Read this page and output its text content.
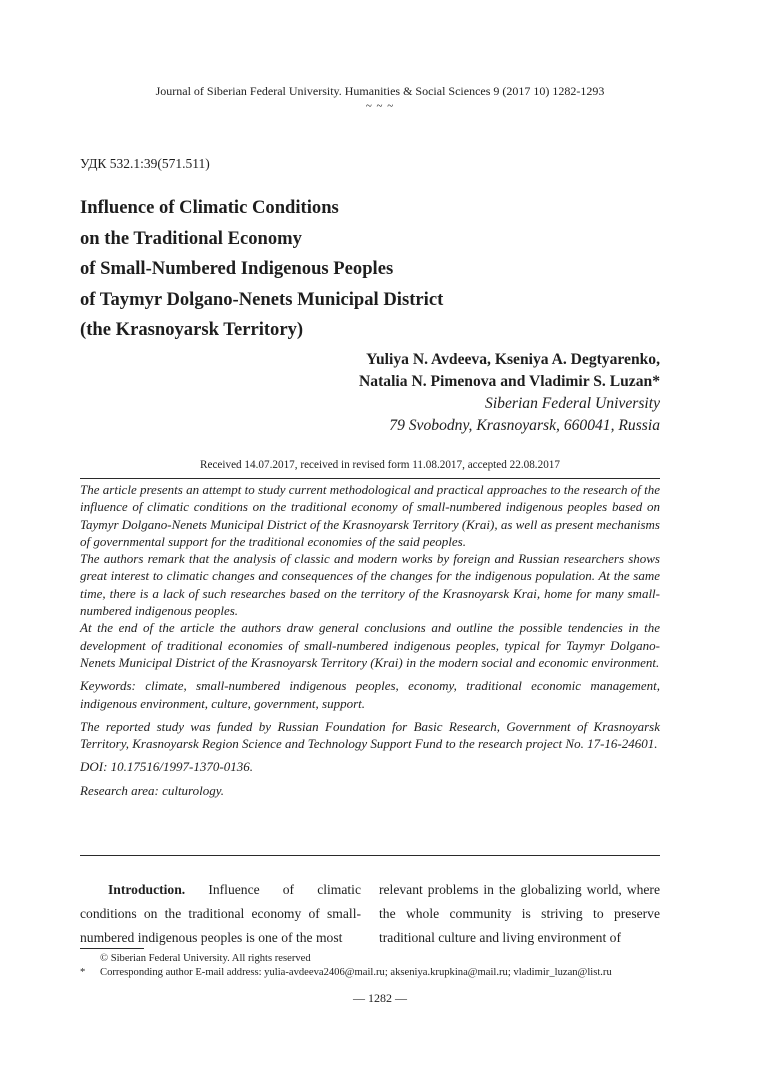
Journal of Siberian Federal University. Humanities & Social Sciences 9 (2017 10) 1282-1293
~ ~ ~
УДК 532.1:39(571.511)
Influence of Climatic Conditions
on the Traditional Economy
of Small-Numbered Indigenous Peoples
of Taymyr Dolgano-Nenets Municipal District
(the Krasnoyarsk Territory)
Yuliya N. Avdeeva, Kseniya A. Degtyarenko,
Natalia N. Pimenova and Vladimir S. Luzan*
Siberian Federal University
79 Svobodny, Krasnoyarsk, 660041, Russia
Received 14.07.2017, received in revised form 11.08.2017, accepted 22.08.2017

The article presents an attempt to study current methodological and practical approaches to the research of the influence of climatic conditions on the traditional economy of small-numbered indigenous peoples based on Taymyr Dolgano-Nenets Municipal District of the Krasnoyarsk Territory (Krai), as well as present mechanisms of governmental support for the traditional economies of the said peoples.

The authors remark that the analysis of classic and modern works by foreign and Russian researchers shows great interest to climatic changes and consequences of the changes for the indigenous population. At the same time, there is a lack of such researches based on the territory of the Krasnoyarsk Krai, home for many small-numbered indigenous peoples.

At the end of the article the authors draw general conclusions and outline the possible tendencies in the development of traditional economies of small-numbered indigenous peoples, typical for Taymyr Dolgano-Nenets Municipal District of the Krasnoyarsk Territory (Krai) in the modern social and economic environment.

Keywords: climate, small-numbered indigenous peoples, economy, traditional economic management, indigenous environment, culture, government, support.

The reported study was funded by Russian Foundation for Basic Research, Government of Krasnoyarsk Territory, Krasnoyarsk Region Science and Technology Support Fund to the research project No. 17-16-24601.

DOI: 10.17516/1997-1370-0136.

Research area: culturology.

Introduction. Influence of climatic conditions on the traditional economy of small-numbered indigenous peoples is one of the most
relevant problems in the globalizing world, where the whole community is striving to preserve traditional culture and living environment of
© Siberian Federal University. All rights reserved
* Corresponding author E-mail address: yulia-avdeeva2406@mail.ru; akseniya.krupkina@mail.ru; vladimir_luzan@list.ru
— 1282 —
